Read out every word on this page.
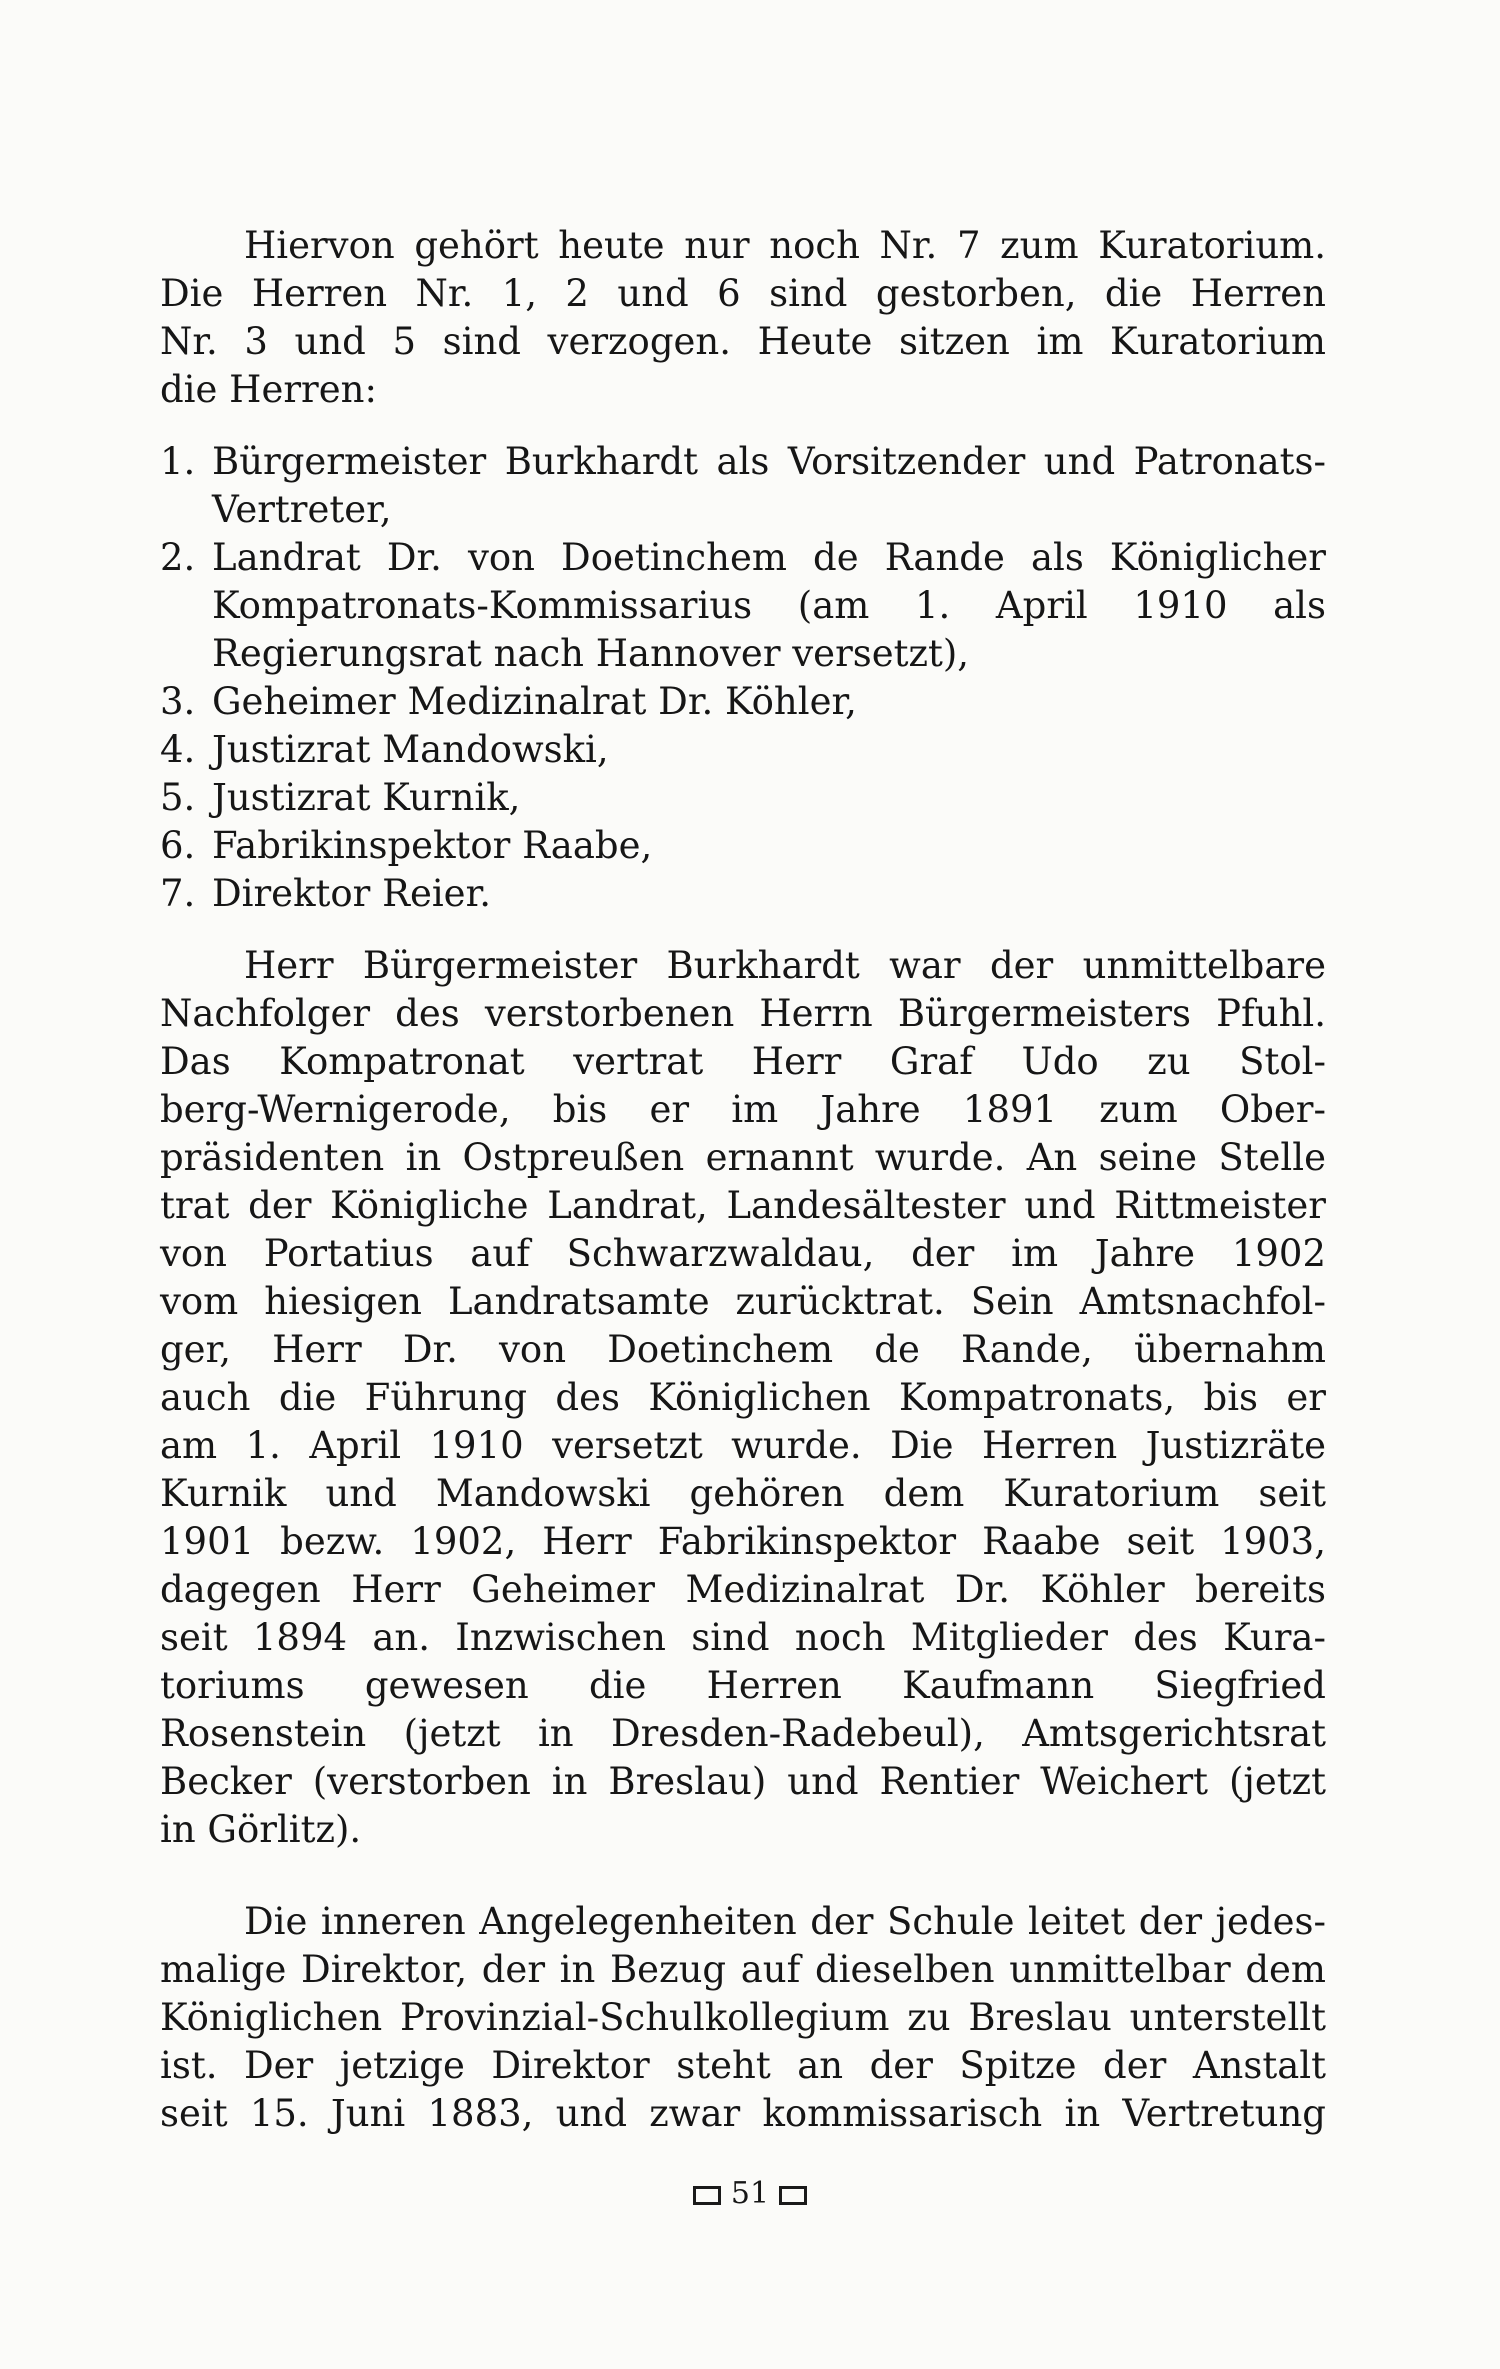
Hiervon gehört heute nur noch Nr. 7 zum Kuratorium.

Die Herren Nr. 1, 2 und 6 sind gestorben, die Herren

Nr. 3 und 5 sind verzogen. Heute sitzen im Kuratorium

die Herren:

1. Bürgermeister Burkhardt als Vorsitzender und Patronats-Vertreter,

2. Landrat Dr. von Doetinchem de Rande als Königlicher Kompatronats-Kommissarius (am 1. April 1910 als Regierungsrat nach Hannover versetzt),

3. Geheimer Medizinalrat Dr. Köhler,

4. Justizrat Mandowski,

5. Justizrat Kurnik,

6. Fabrikinspektor Raabe,

7. Direktor Reier.

Herr Bürgermeister Burkhardt war der unmittelbare

Nachfolger des verstorbenen Herrn Bürgermeisters Pfuhl.

Das Kompatronat vertrat Herr Graf Udo zu Stol-

berg-Wernigerode, bis er im Jahre 1891 zum Ober-

präsidenten in Ostpreußen ernannt wurde. An seine Stelle

trat der Königliche Landrat, Landesältester und Rittmeister

von Portatius auf Schwarzwaldau, der im Jahre 1902

vom hiesigen Landratsamte zurücktrat. Sein Amtsnachfol-

ger, Herr Dr. von Doetinchem de Rande, übernahm

auch die Führung des Königlichen Kompatronats, bis er

am 1. April 1910 versetzt wurde. Die Herren Justizräte

Kurnik und Mandowski gehören dem Kuratorium seit

1901 bezw. 1902, Herr Fabrikinspektor Raabe seit 1903,

dagegen Herr Geheimer Medizinalrat Dr. Köhler bereits

seit 1894 an. Inzwischen sind noch Mitglieder des Kura-

toriums gewesen die Herren Kaufmann Siegfried

Rosenstein (jetzt in Dresden-Radebeul), Amtsgerichtsrat

Becker (verstorben in Breslau) und Rentier Weichert (jetzt

in Görlitz).

Die inneren Angelegenheiten der Schule leitet der jedes-

malige Direktor, der in Bezug auf dieselben unmittelbar dem

Königlichen Provinzial-Schulkollegium zu Breslau unterstellt

ist. Der jetzige Direktor steht an der Spitze der Anstalt

seit 15. Juni 1883, und zwar kommissarisch in Vertretung

51
